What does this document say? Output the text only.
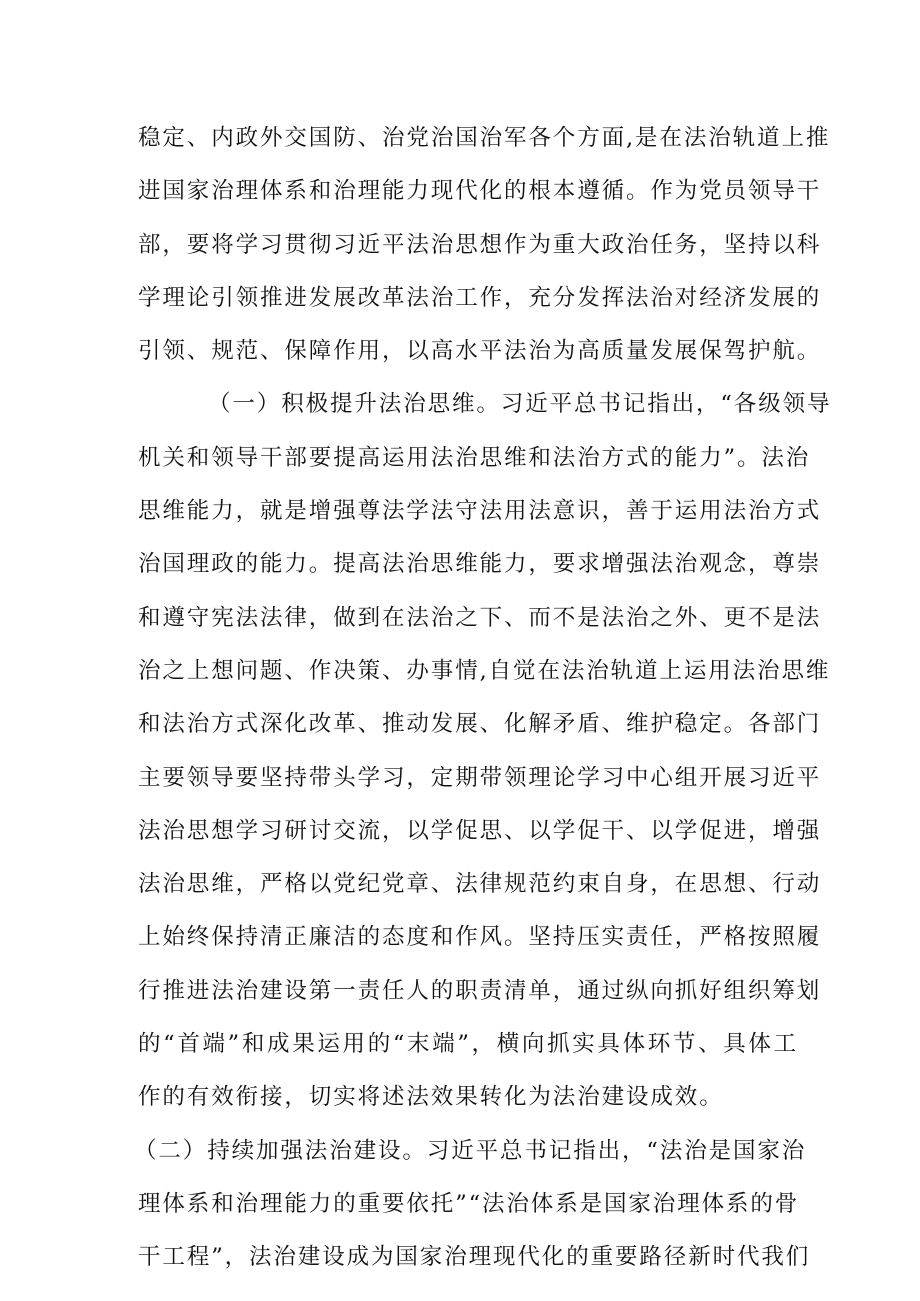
稳定、内政外交国防、治党治国治军各个方面,是在法治轨道上推
进国家治理体系和治理能力现代化的根本遵循。作为党员领导干
部，要将学习贯彻习近平法治思想作为重大政治任务，坚持以科
学理论引领推进发展改革法治工作，充分发挥法治对经济发展的
引领、规范、保障作用，以高水平法治为高质量发展保驾护航。
（一）积极提升法治思维。习近平总书记指出，“各级领导
机关和领导干部要提高运用法治思维和法治方式的能力”。法治
思维能力，就是增强尊法学法守法用法意识，善于运用法治方式
治国理政的能力。提高法治思维能力，要求增强法治观念，尊崇
和遵守宪法法律，做到在法治之下、而不是法治之外、更不是法
治之上想问题、作决策、办事情,自觉在法治轨道上运用法治思维
和法治方式深化改革、推动发展、化解矛盾、维护稳定。各部门
主要领导要坚持带头学习，定期带领理论学习中心组开展习近平
法治思想学习研讨交流，以学促思、以学促干、以学促进，增强
法治思维，严格以党纪党章、法律规范约束自身，在思想、行动
上始终保持清正廉洁的态度和作风。坚持压实责任，严格按照履
行推进法治建设第一责任人的职责清单，通过纵向抓好组织筹划
的“首端”和成果运用的“末端”，横向抓实具体环节、具体工
作的有效衔接，切实将述法效果转化为法治建设成效。
（二）持续加强法治建设。习近平总书记指出，“法治是国家治
理体系和治理能力的重要依托”“法治体系是国家治理体系的骨
干工程”，法治建设成为国家治理现代化的重要路径新时代我们
